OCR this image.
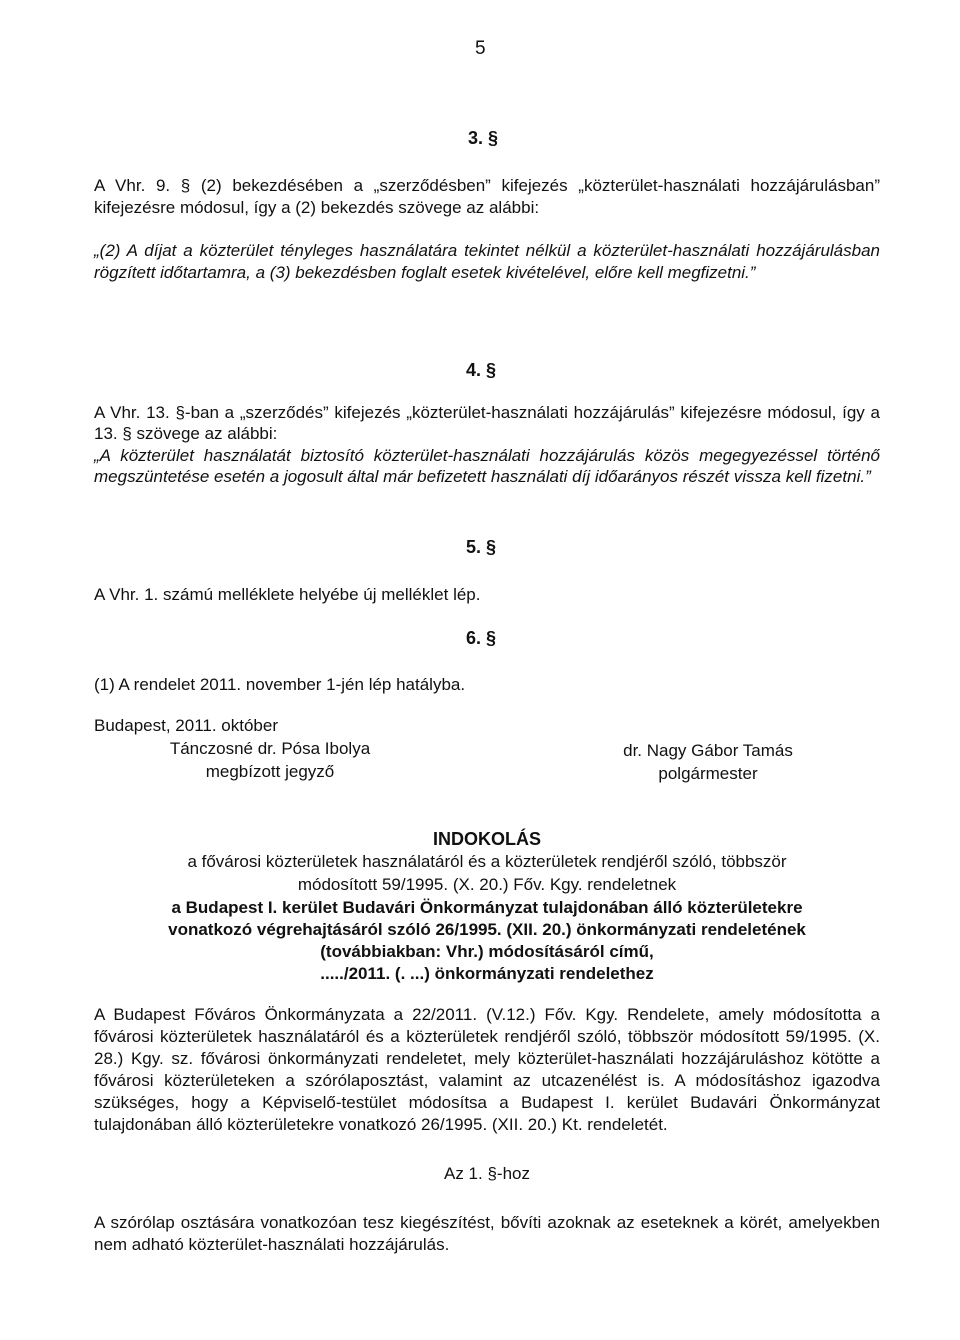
5
3. §

A Vhr. 9. § (2) bekezdésében a „szerződésben” kifejezés „közterület-használati hozzájárulásban” kifejezésre módosul, így a (2) bekezdés szövege az alábbi:

„(2) A díjat a közterület tényleges használatára tekintet nélkül a közterület-használati hozzájárulásban rögzített időtartamra, a (3) bekezdésben foglalt esetek kivételével, előre kell megfizetni.”

4. §

A Vhr. 13. §-ban a „szerződés” kifejezés „közterület-használati hozzájárulás” kifejezésre módosul, így a 13. § szövege az alábbi:

„A közterület használatát biztosító közterület-használati hozzájárulás közös megegyezéssel történő megszüntetése esetén a jogosult által már befizetett használati díj időarányos részét vissza kell fizetni.”

5. §

A Vhr. 1. számú melléklete helyébe új melléklet lép.

6. §

(1) A rendelet 2011. november 1-jén lép hatályba.

Budapest, 2011. október
Tánczosné dr. Pósa Ibolya
megbízott jegyző
dr. Nagy Gábor Tamás
polgármester
INDOKOLÁS
a fővárosi közterületek használatáról és a közterületek rendjéről szóló, többször
módosított 59/1995. (X. 20.) Főv. Kgy. rendeletnek
a Budapest I. kerület Budavári Önkormányzat tulajdonában álló közterületekre
vonatkozó végrehajtásáról szóló 26/1995. (XII. 20.) önkormányzati rendeletének
(továbbiakban: Vhr.) módosításáról című,
...../2011. (. ...) önkormányzati rendelethez

A Budapest Főváros Önkormányzata a 22/2011. (V.12.) Főv. Kgy. Rendelete, amely módosította a fővárosi közterületek használatáról és a közterületek rendjéről szóló, többször módosított 59/1995. (X. 28.) Kgy. sz. fővárosi önkormányzati rendeletet, mely közterület-használati hozzájáruláshoz kötötte a fővárosi közterületeken a szórólaposztást, valamint az utcazenélést is. A módosításhoz igazodva szükséges, hogy a Képviselő-testület módosítsa a Budapest I. kerület Budavári Önkormányzat tulajdonában álló közterületekre vonatkozó 26/1995. (XII. 20.) Kt. rendeletét.

Az 1. §-hoz

A szórólap osztására vonatkozóan tesz kiegészítést, bővíti azoknak az eseteknek a körét, amelyekben nem adható közterület-használati hozzájárulás.
